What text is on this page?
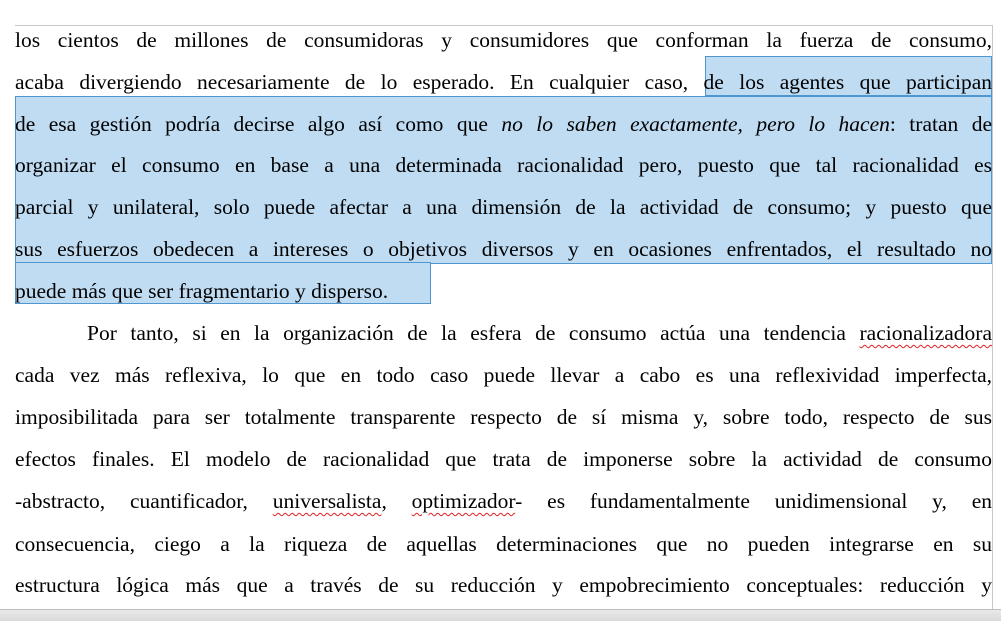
los cientos de millones de consumidoras y consumidores que conforman la fuerza de consumo,
acaba divergiendo necesariamente de lo esperado. En cualquier caso, de los agentes que participan
de esa gestión podría decirse algo así como que no lo saben exactamente, pero lo hacen: tratan de
organizar el consumo en base a una determinada racionalidad pero, puesto que tal racionalidad es
parcial y unilateral, solo puede afectar a una dimensión de la actividad de consumo; y puesto que
sus esfuerzos obedecen a intereses o objetivos diversos y en ocasiones enfrentados, el resultado no
puede más que ser fragmentario y disperso.
Por tanto, si en la organización de la esfera de consumo actúa una tendencia racionalizadora
cada vez más reflexiva, lo que en todo caso puede llevar a cabo es una reflexividad imperfecta,
imposibilitada para ser totalmente transparente respecto de sí misma y, sobre todo, respecto de sus
efectos finales. El modelo de racionalidad que trata de imponerse sobre la actividad de consumo
-abstracto, cuantificador, universalista, optimizador- es fundamentalmente unidimensional y, en
consecuencia, ciego a la riqueza de aquellas determinaciones que no pueden integrarse en su
estructura lógica más que a través de su reducción y empobrecimiento conceptuales: reducción y
